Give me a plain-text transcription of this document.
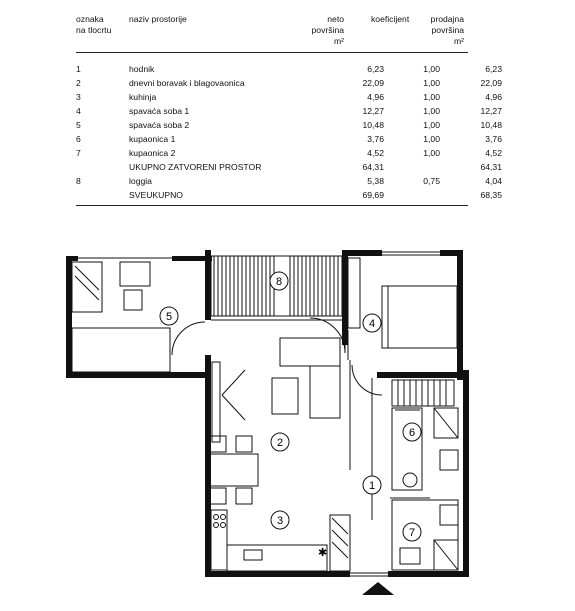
oznaka
na tlocrtu
naziv prostorije	neto
površina
m²
koeficijent	prodajna
površina
m²
1	hodnik	6,23	1,00	6,23
2	dnevni boravak i blagovaonica	22,09	1,00	22,09
3	kuhinja	4,96	1,00	4,96
4	spavaća soba 1	12,27	1,00	12,27
5	spavaća soba 2	10,48	1,00	10,48
6	kupaonica 1	3,76	1,00	3,76
7	kupaonica 2	4,52	1,00	4,52
	UKUPNO ZATVORENI PROSTOR	64,31		64,31
8	loggia	5,38	0,75	4,04
	SVEUKUPNO	69,69		68,35
✱
1
2
3
4
5
6
7
8
